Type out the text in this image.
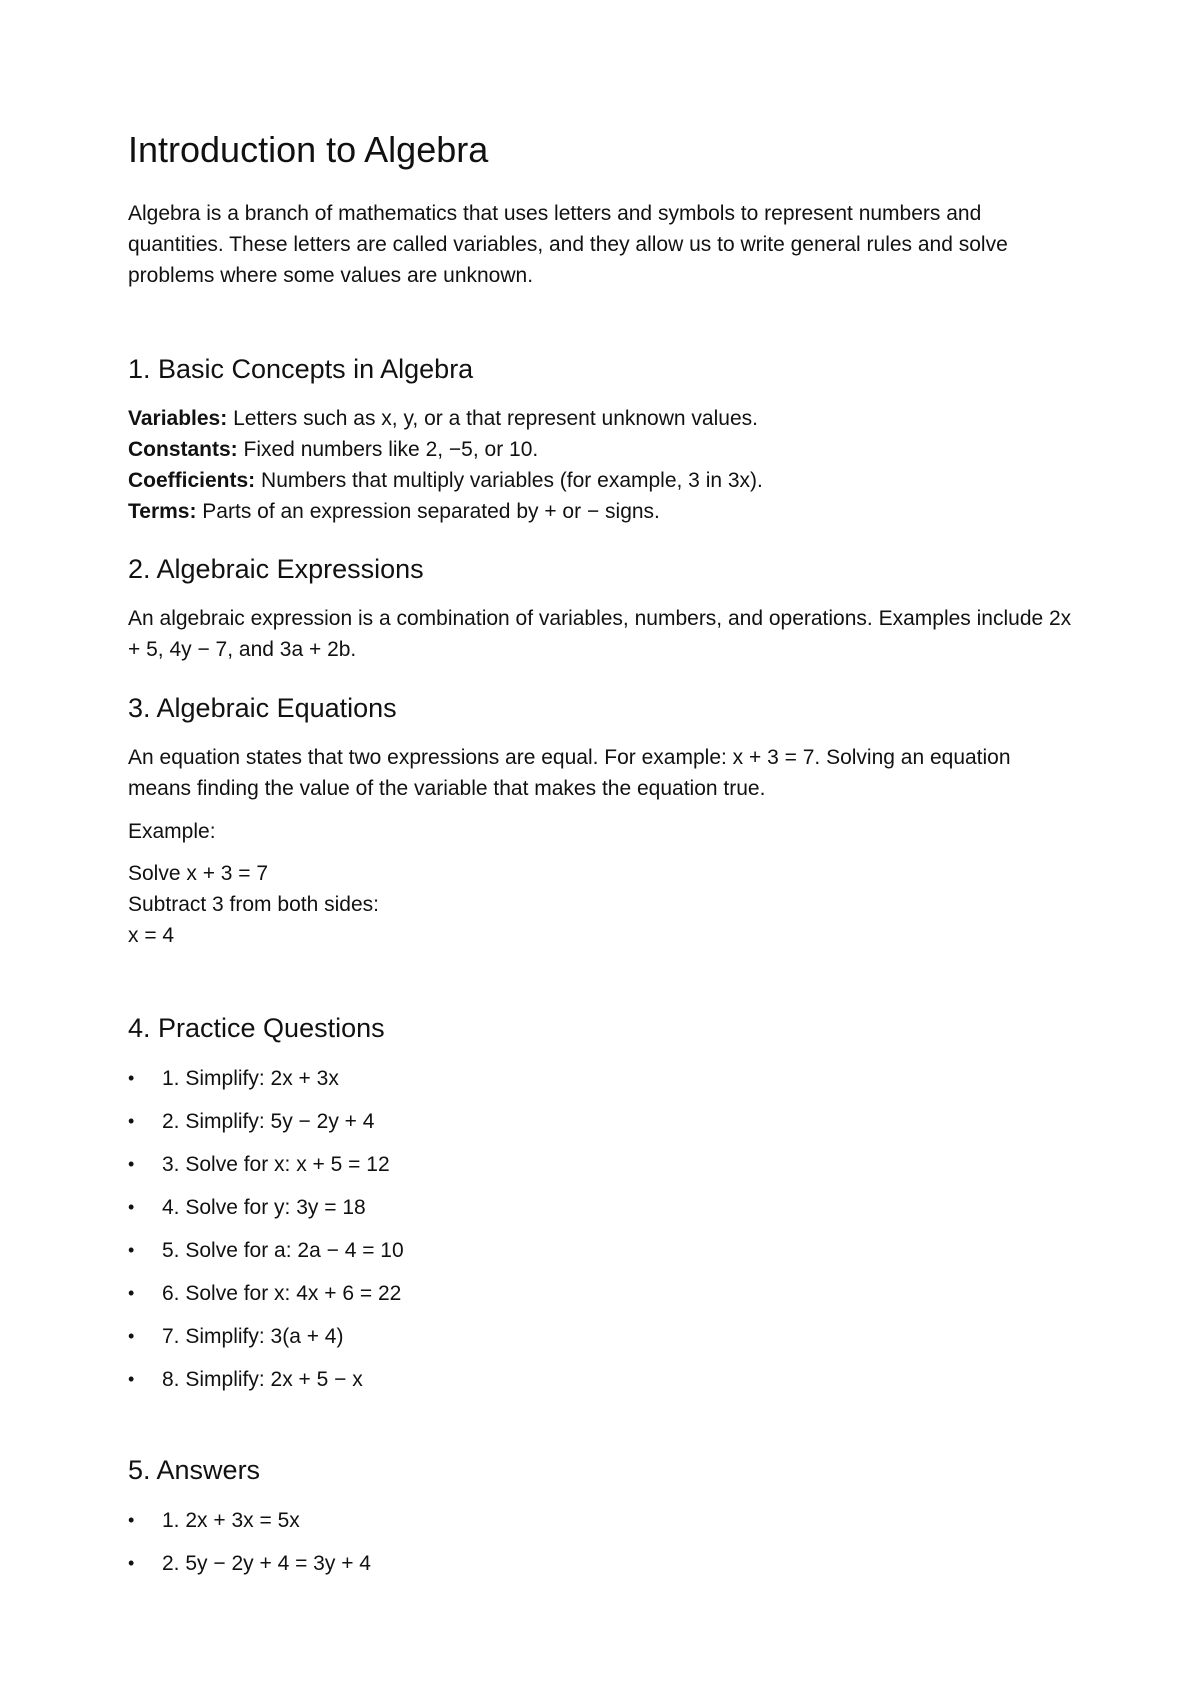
Introduction to Algebra

Algebra is a branch of mathematics that uses letters and symbols to represent numbers and quantities. These letters are called variables, and they allow us to write general rules and solve problems where some values are unknown.

1. Basic Concepts in Algebra

Variables: Letters such as x, y, or a that represent unknown values.

Constants: Fixed numbers like 2, −5, or 10.

Coefficients: Numbers that multiply variables (for example, 3 in 3x).

Terms: Parts of an expression separated by + or − signs.

2. Algebraic Expressions

An algebraic expression is a combination of variables, numbers, and operations. Examples include 2x + 5, 4y − 7, and 3a + 2b.

3. Algebraic Equations

An equation states that two expressions are equal. For example: x + 3 = 7. Solving an equation means finding the value of the variable that makes the equation true.

Example:

Solve x + 3 = 7

Subtract 3 from both sides:

x = 4

4. Practice Questions
• 1. Simplify: 2x + 3x
• 2. Simplify: 5y − 2y + 4
• 3. Solve for x: x + 5 = 12
• 4. Solve for y: 3y = 18
• 5. Solve for a: 2a − 4 = 10
• 6. Solve for x: 4x + 6 = 22
• 7. Simplify: 3(a + 4)
• 8. Simplify: 2x + 5 − x
5. Answers
• 1. 2x + 3x = 5x
• 2. 5y − 2y + 4 = 3y + 4
